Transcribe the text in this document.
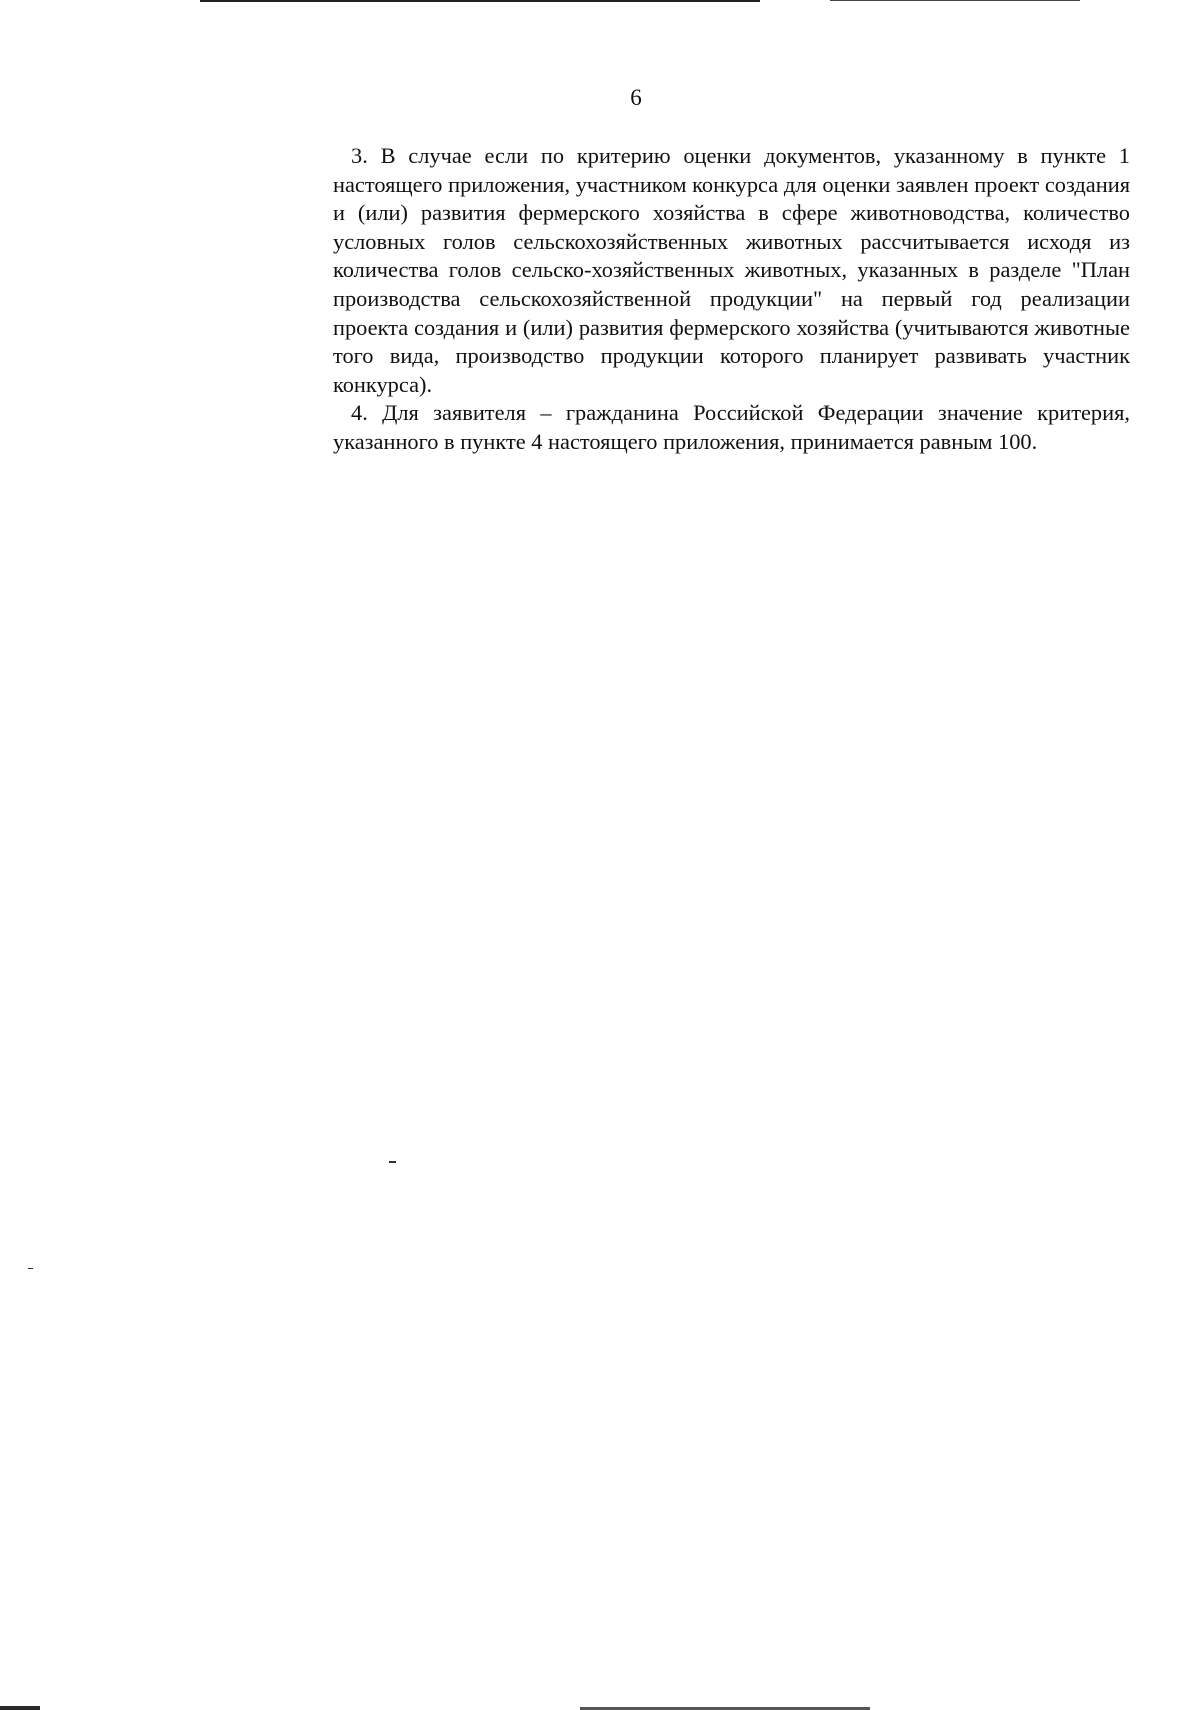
6

3. В случае если по критерию оценки документов, указанному в пункте 1 настоящего приложения, участником конкурса для оценки заявлен проект создания и (или) развития фермерского хозяйства в сфере животноводства, количество условных голов сельскохозяйственных животных рассчитывается исходя из количества голов сельско-хозяйственных животных, указанных в разделе "План производства сельскохозяйственной продукции" на первый год реализации проекта создания и (или) развития фермерского хозяйства (учитываются животные того вида, производство продукции которого планирует развивать участник конкурса).

4. Для заявителя – гражданина Российской Федерации значение критерия, указанного в пункте 4 настоящего приложения, принимается равным 100.
